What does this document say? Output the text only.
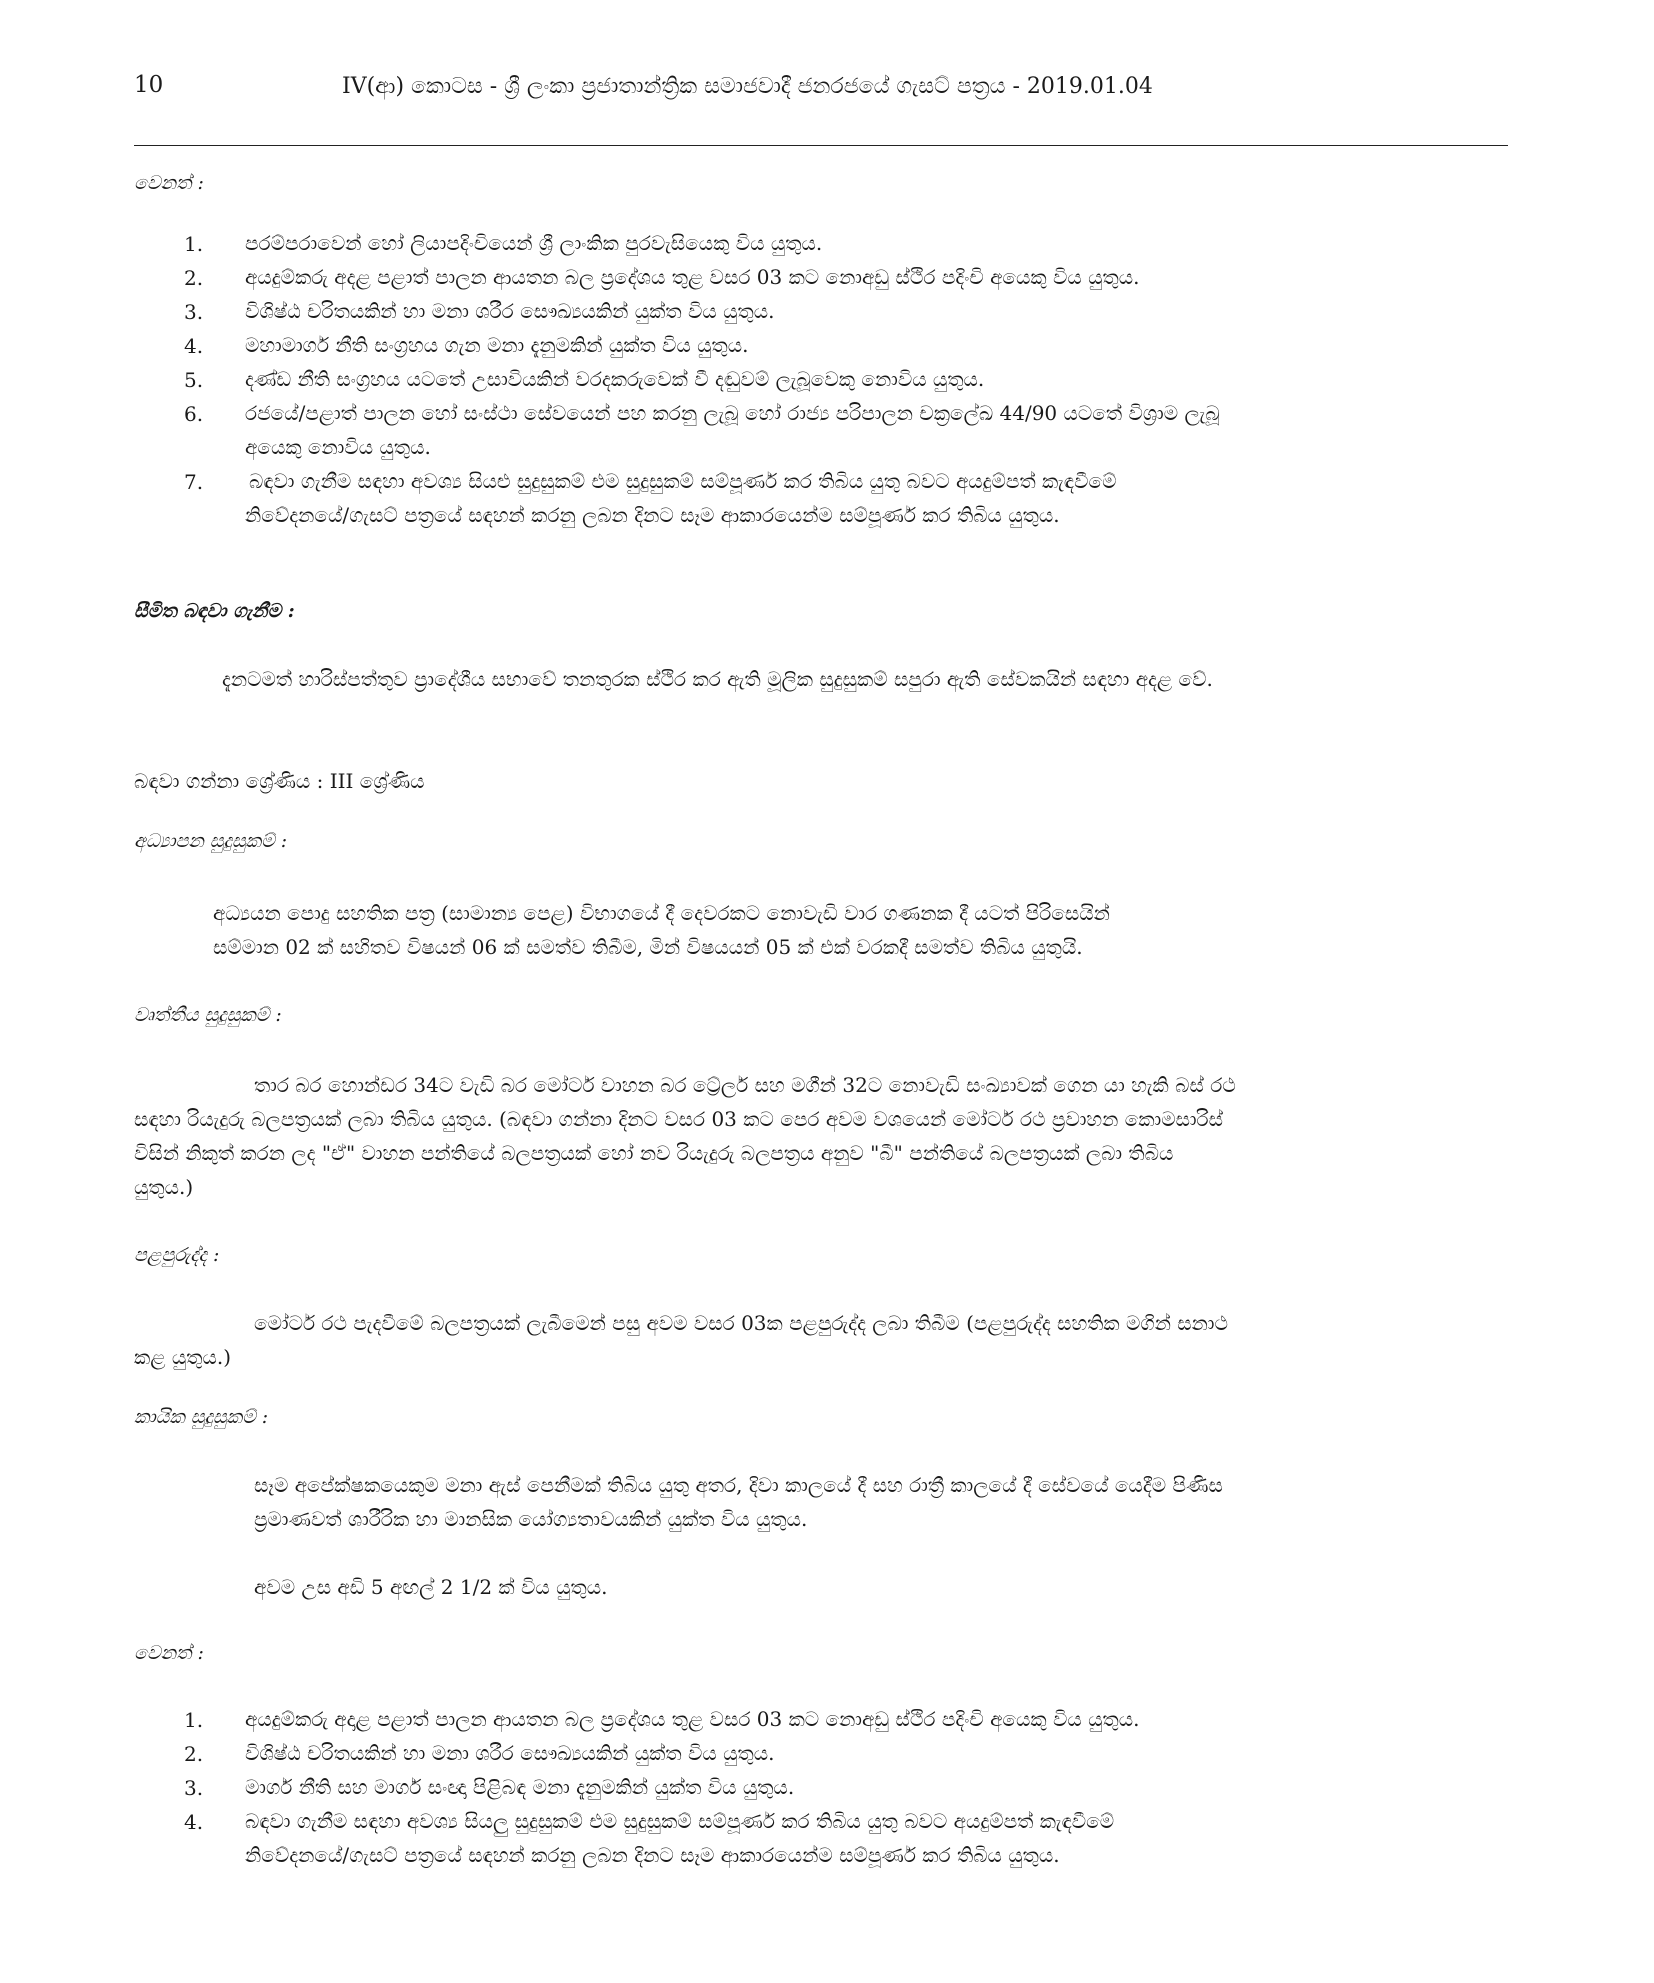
10	IV(ආ) කොටස - ශ්‍රී ලංකා ප්‍රජාතාන්ත්‍රික සමාජවාදී ජනරජයේ ගැසට් පත්‍රය - 2019.01.04
වෙනත් :
1. පරම්පරාවෙන් හෝ ලියාපදිංචියෙන් ශ්‍රී ලාංකික පුරවැසියෙකු විය යුතුය.
2. අයදුම්කරු අදළ පළාත් පාලන ආයතන බල ප්‍රදේශය තුළ වසර 03 කට නොඅඩු ස්ථිර පදිංචි අයෙකු විය යුතුය.
3. විශිෂ්ඨ චරිතයකින් හා මනා ශරීර සෞඛ්‍යයකින් යුක්ත විය යුතුය.
4. මහාමාර්ග නීති සංග්‍රහය ගැන මනා දැනුමකින් යුක්ත විය යුතුය.
5. දණ්ඩ නීති සංග්‍රහය යටතේ උසාවියකින් වරදකරුවෙක් වී දඬුවම් ලැබූවෙකු නොවිය යුතුය.
6. රජයේ/පළාත් පාලන හෝ සංස්ථා සේවයෙන් පහ කරනු ලැබූ හෝ රාජ්‍ය පරිපාලන චක්‍රලේඛ 44/90 යටතේ විශ්‍රාම ලැබූ
අයෙකු නොවිය යුතුය.
7. බඳවා ගැනීම සඳහා අවශ්‍ය සියළු සුදුසුකම් එම සුදුසුකම් සම්පූර්ණ කර තිබිය යුතු බවට අයදුම්පත් කැඳවීමේ
නිවේදනයේ/ගැසට් පත්‍රයේ සඳහන් කරනු ලබන දිනට සෑම ආකාරයෙන්ම සම්පූර්ණ කර තිබිය යුතුය.
සීමිත බඳවා ගැනීම :
දැනටමත් හාරිස්පත්තුව ප්‍රාදේශීය සභාවේ තනතුරක ස්ථිර කර ඇති මූලික සුදුසුකම් සපුරා ඇති සේවකයින් සඳහා අදළ වේ.
බඳවා ගන්නා ශ්‍රේණිය : III ශ්‍රේණිය
අධ්‍යාපන සුදුසුකම් :
අධ්‍යයන පොදු සහතික පත්‍ර (සාමාන්‍ය පෙළ) විභාගයේ දී දෙවරකට නොවැඩි වාර ගණනක දී යටත් පිරිසෙයින්
සම්මාන 02 ක් සහිතව විෂයන් 06 ක් සමත්ව තිබීම, මින් විෂයයන් 05 ක් එක් වරකදී සමත්ව තිබිය යුතුයි.
වෘත්තීය සුදුසුකම් :
තාර බර හොන්ඩර 34ට වැඩි බර මෝටර් වාහන බර ට්‍රේලර් සහ මගීන් 32ට නොවැඩි සංඛ්‍යාවක් ගෙන යා හැකි බස් රථ
සඳහා රියැදුරු බලපත්‍රයක් ලබා තිබිය යුතුය. (බඳවා ගන්නා දිනට වසර 03 කට පෙර අවම වශයෙන් මෝටර් රථ ප්‍රවාහන කොමසාරිස්
විසින් නිකුත් කරන ලද "ඒ" වාහන පන්තියේ බලපත්‍රයක් හෝ නව රියැදුරු බලපත්‍රය අනුව "බී" පන්තියේ බලපත්‍රයක් ලබා තිබිය
යුතුය.)
පළපුරුද්ද :
මෝටර් රථ පැදවීමේ බලපත්‍රයක් ලැබීමෙන් පසු අවම වසර 03ක පළපුරුද්ද ලබා තිබීම (පළපුරුද්ද සහතික මගින් සනාථ
කළ යුතුය.)
කායික සුදුසුකම් :
සෑම අපේක්ෂකයෙකුම මනා ඇස් පෙනීමක් තිබිය යුතු අතර, දිවා කාලයේ දී සහ රාත්‍රී කාලයේ දී සේවයේ යෙදීම පිණිස
ප්‍රමාණවත් ශාරීරික හා මානසික යෝග්‍යතාවයකින් යුක්ත විය යුතුය.
අවම උස අඩි 5 අඟල් 2 1/2 ක් විය යුතුය.
වෙනත් :
1. අයදුම්කරු අදාළ පළාත් පාලන ආයතන බල ප්‍රදේශය තුළ වසර 03 කට නොඅඩු ස්ථිර පදිංචි අයෙකු විය යුතුය.
2. විශිෂ්ඨ චරිතයකින් හා මනා ශරීර සෞඛ්‍යයකින් යුක්ත විය යුතුය.
3. මාර්ග නීති සහ මාර්ග සංඥා පිළිබඳ මනා දැනුමකින් යුක්ත විය යුතුය.
4. බඳවා ගැනීම සඳහා අවශ්‍ය සියලු සුදුසුකම් එම සුදුසුකම් සම්පූර්ණ කර තිබිය යුතු බවට අයදුම්පත් කැඳවීමේ
නිවේදනයේ/ගැසට් පත්‍රයේ සඳහන් කරනු ලබන දිනට සෑම ආකාරයෙන්ම සම්පූර්ණ කර තිබිය යුතුය.
